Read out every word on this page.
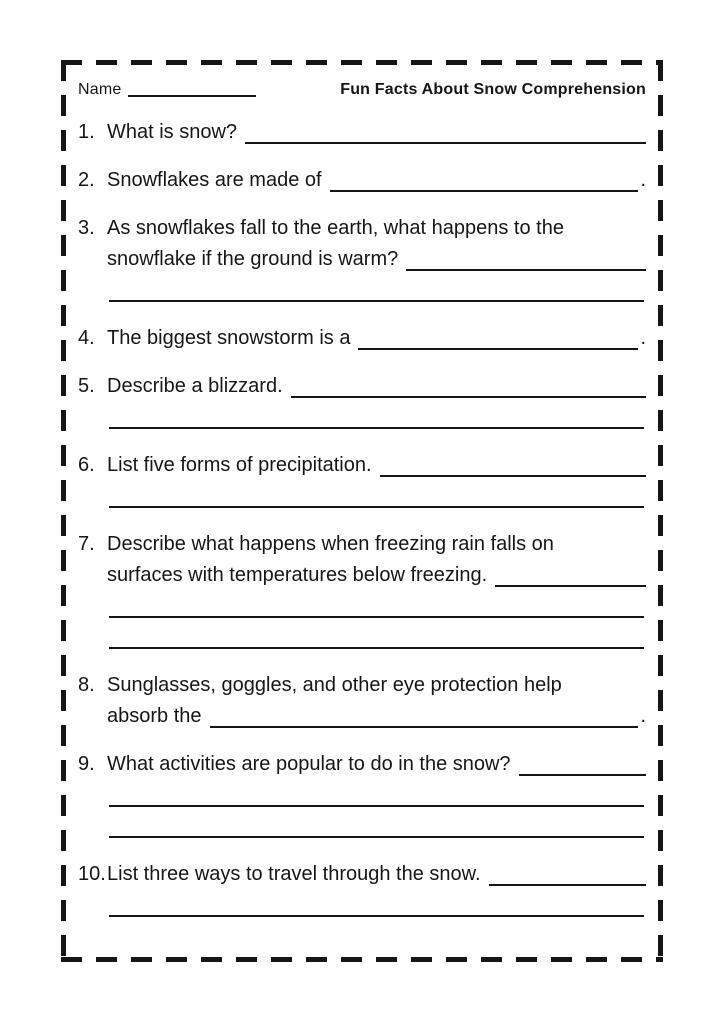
Name	Fun Facts About Snow Comprehension
1. What is snow?
2. Snowflakes are made of	.
3. As snowflakes fall to the earth, what happens to the
snowflake if the ground is warm?
4. The biggest snowstorm is a	.
5. Describe a blizzard.
6. List five forms of precipitation.
7. Describe what happens when freezing rain falls on
surfaces with temperatures below freezing.
8. Sunglasses, goggles, and other eye protection help
absorb the	.
9. What activities are popular to do in the snow?
10. List three ways to travel through the snow.
